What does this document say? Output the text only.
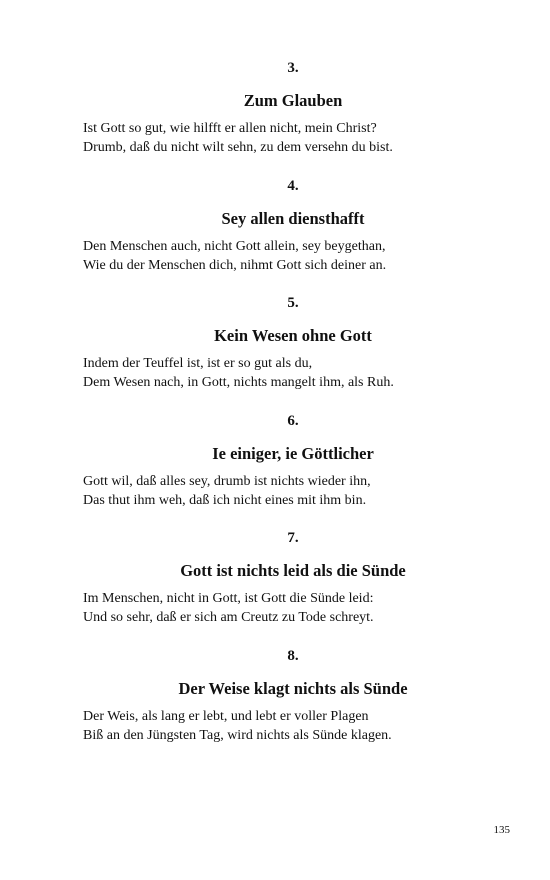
3.
Zum Glauben
Ist Gott so gut, wie hilfft er allen nicht, mein Christ?
Drumb, daß du nicht wilt sehn, zu dem versehn du bist.
4.
Sey allen diensthafft
Den Menschen auch, nicht Gott allein, sey beygethan,
Wie du der Menschen dich, nihmt Gott sich deiner an.
5.
Kein Wesen ohne Gott
Indem der Teuffel ist, ist er so gut als du,
Dem Wesen nach, in Gott, nichts mangelt ihm, als Ruh.
6.
Ie einiger, ie Göttlicher
Gott wil, daß alles sey, drumb ist nichts wieder ihn,
Das thut ihm weh, daß ich nicht eines mit ihm bin.
7.
Gott ist nichts leid als die Sünde
Im Menschen, nicht in Gott, ist Gott die Sünde leid:
Und so sehr, daß er sich am Creutz zu Tode schreyt.
8.
Der Weise klagt nichts als Sünde
Der Weis, als lang er lebt, und lebt er voller Plagen
Biß an den Jüngsten Tag, wird nichts als Sünde klagen.
135
